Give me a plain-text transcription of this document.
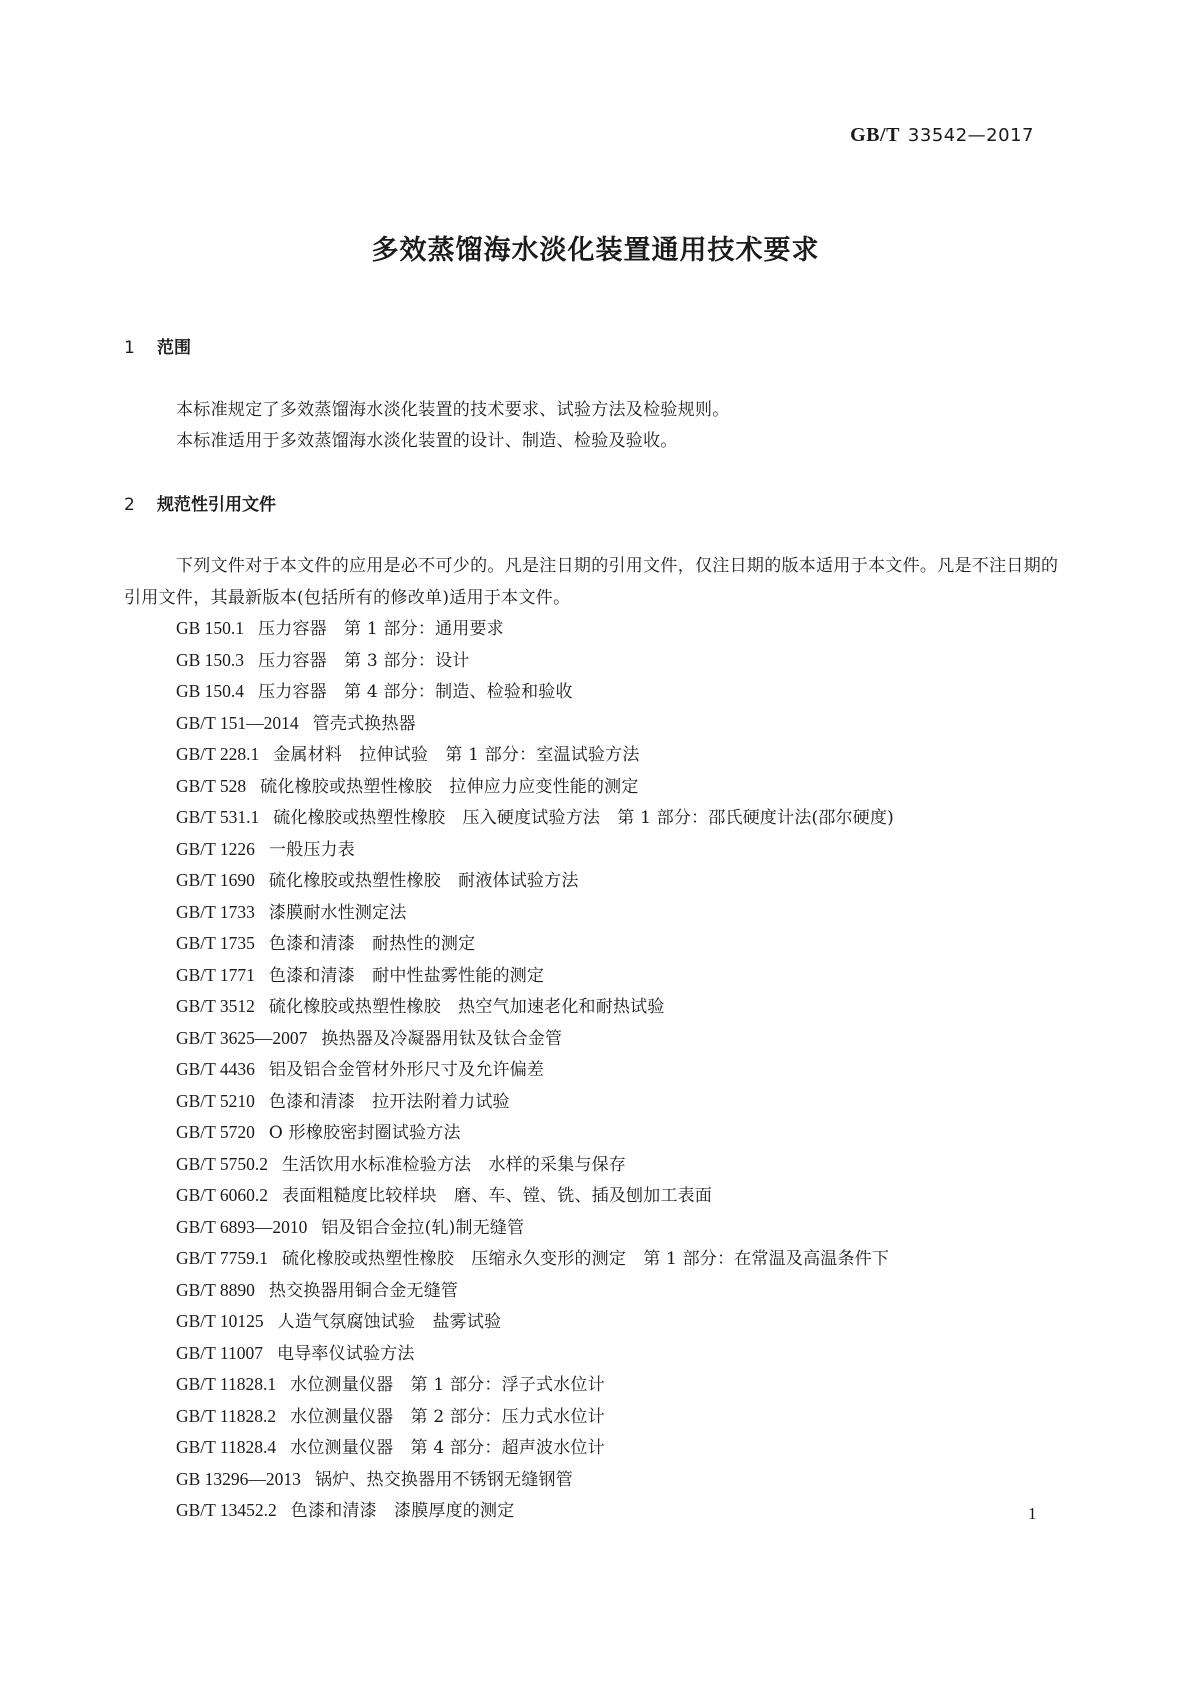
GB/T 33542—2017
多效蒸馏海水淡化装置通用技术要求
1 范围
本标准规定了多效蒸馏海水淡化装置的技术要求、试验方法及检验规则。
本标准适用于多效蒸馏海水淡化装置的设计、制造、检验及验收。
2 规范性引用文件
下列文件对于本文件的应用是必不可少的。凡是注日期的引用文件，仅注日期的版本适用于本文件。凡是不注日期的引用文件，其最新版本(包括所有的修改单)适用于本文件。
GB 150.1 压力容器　第 1 部分：通用要求
GB 150.3 压力容器　第 3 部分：设计
GB 150.4 压力容器　第 4 部分：制造、检验和验收
GB/T 151—2014 管壳式换热器
GB/T 228.1 金属材料　拉伸试验　第 1 部分：室温试验方法
GB/T 528 硫化橡胶或热塑性橡胶　拉伸应力应变性能的测定
GB/T 531.1 硫化橡胶或热塑性橡胶　压入硬度试验方法　第 1 部分：邵氏硬度计法(邵尔硬度)
GB/T 1226 一般压力表
GB/T 1690 硫化橡胶或热塑性橡胶　耐液体试验方法
GB/T 1733 漆膜耐水性测定法
GB/T 1735 色漆和清漆　耐热性的测定
GB/T 1771 色漆和清漆　耐中性盐雾性能的测定
GB/T 3512 硫化橡胶或热塑性橡胶　热空气加速老化和耐热试验
GB/T 3625—2007 换热器及冷凝器用钛及钛合金管
GB/T 4436 铝及铝合金管材外形尺寸及允许偏差
GB/T 5210 色漆和清漆　拉开法附着力试验
GB/T 5720 O 形橡胶密封圈试验方法
GB/T 5750.2 生活饮用水标准检验方法　水样的采集与保存
GB/T 6060.2 表面粗糙度比较样块　磨、车、镗、铣、插及刨加工表面
GB/T 6893—2010 铝及铝合金拉(轧)制无缝管
GB/T 7759.1 硫化橡胶或热塑性橡胶　压缩永久变形的测定　第 1 部分：在常温及高温条件下
GB/T 8890 热交换器用铜合金无缝管
GB/T 10125 人造气氛腐蚀试验　盐雾试验
GB/T 11007 电导率仪试验方法
GB/T 11828.1 水位测量仪器　第 1 部分：浮子式水位计
GB/T 11828.2 水位测量仪器　第 2 部分：压力式水位计
GB/T 11828.4 水位测量仪器　第 4 部分：超声波水位计
GB 13296—2013 锅炉、热交换器用不锈钢无缝钢管
GB/T 13452.2 色漆和清漆　漆膜厚度的测定	1
